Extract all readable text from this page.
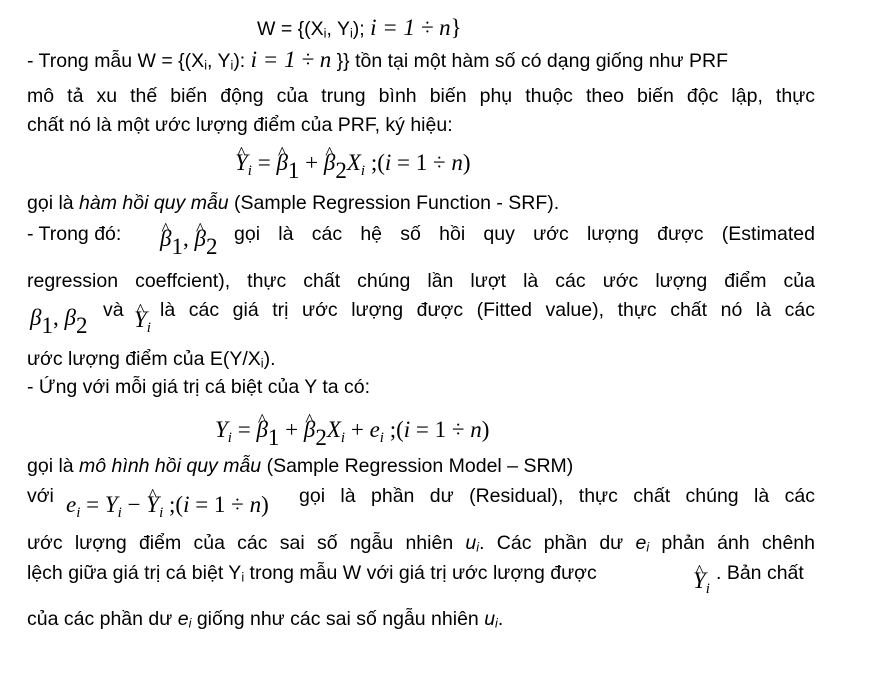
$W = \{(X_i$, $Y_i$); i = 1 ÷ n}
- Trong mẫu $W = \{(X_i$, $Y_i$): i = 1 ÷ n }} tồn tại một hàm số có dạng giống như PRF
mô tả xu thế biến động của trung bình biến phụ thuộc theo biến độc lập, thực
chất nó là một ước lượng điểm của PRF, ký hiệu:
^ $Y_i$ = ^ $\beta_1$ + ^ $\beta_2X_i$ ;(i = 1 ÷ n)
gọi là hàm hồi quy mẫu (Sample Regression Function - SRF).
- Trong đó:	^ $\beta_1$, ^ $\beta_2$
gọi là các hệ số hồi quy ước lượng được (Estimated
regression coeffcient), thực chất chúng lần lượt là các ước lượng điểm của
$\beta_1$, $\beta_2$
và ^ $Y_i$
là các giá trị ước lượng được (Fitted value), thực chất nó là các
ước lượng điểm của $E(Y/X_i)$.
- Ứng với mỗi giá trị cá biệt của Y ta có:
$Y_i$ = ^ $\beta_1$ + ^ $\beta_2X_i + e_i$ ;(i = 1 ÷ n)
gọi là mô hình hồi quy mẫu (Sample Regression Model – SRM)
với $e_i = Y_i$ − ^ $Y_i$ ;(i = 1 ÷ n) gọi là phần dư (Residual), thực chất chúng là các
ước lượng điểm của các sai số ngẫu nhiên $u_i$. Các phần dư $e_i$ phản ánh chênh
lệch giữa giá trị cá biệt $Y_i$ trong mẫu W với giá trị ước lượng được	^ $Y_i$
. Bản chất
của các phần dư $e_i$ giống như các sai số ngẫu nhiên $u_i$.
